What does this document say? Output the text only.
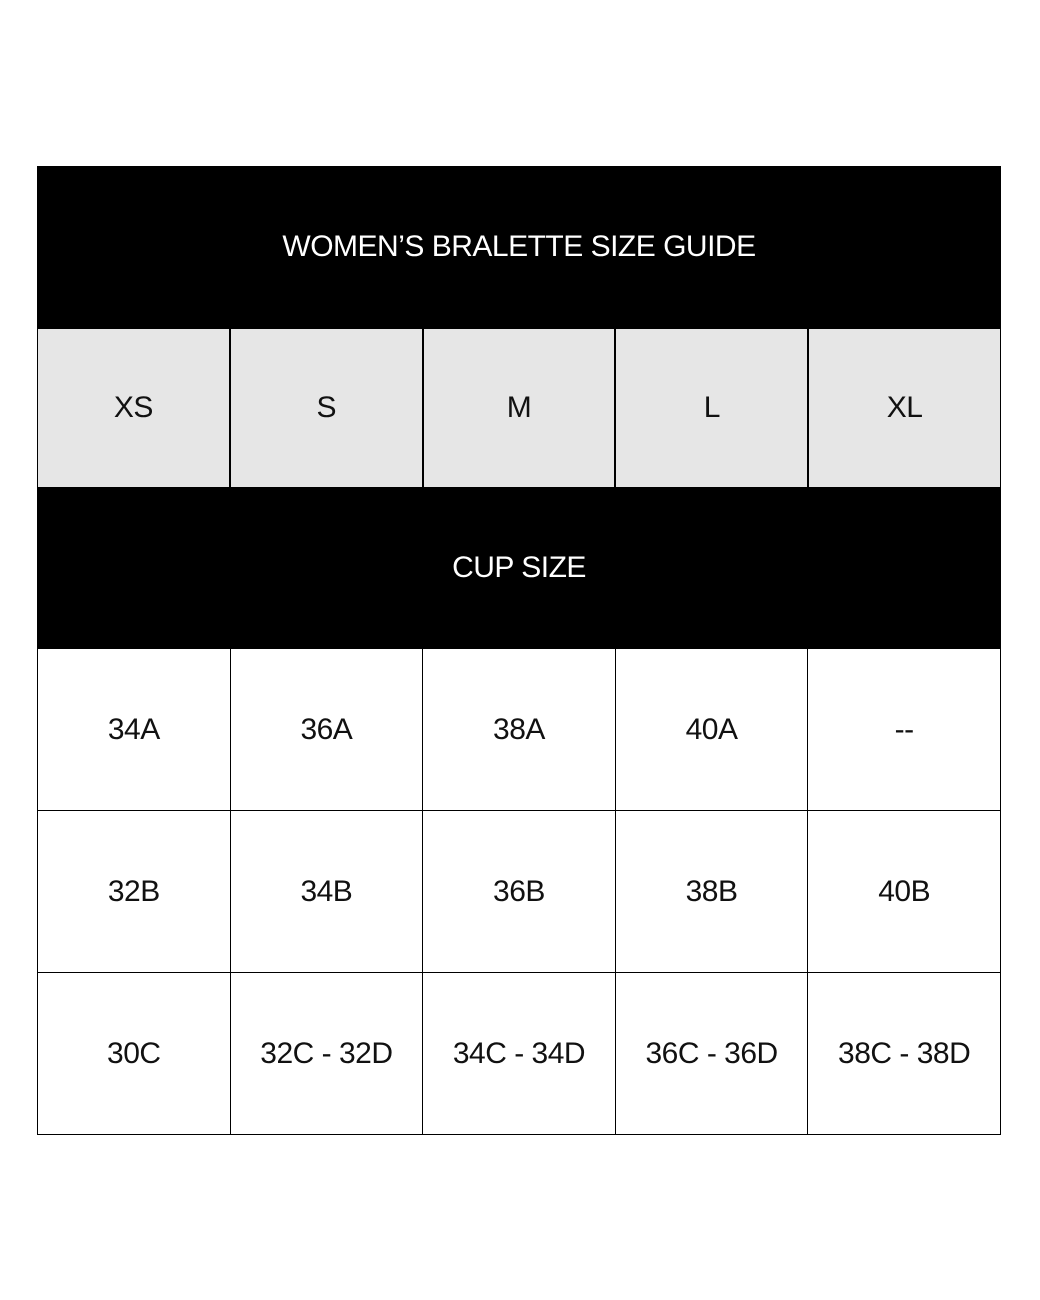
WOMEN’S BRALETTE SIZE GUIDE
XS	S	M	L	XL
CUP SIZE
34A	36A	38A	40A	--
32B	34B	36B	38B	40B
30C	32C - 32D	34C - 34D	36C - 36D	38C - 38D
